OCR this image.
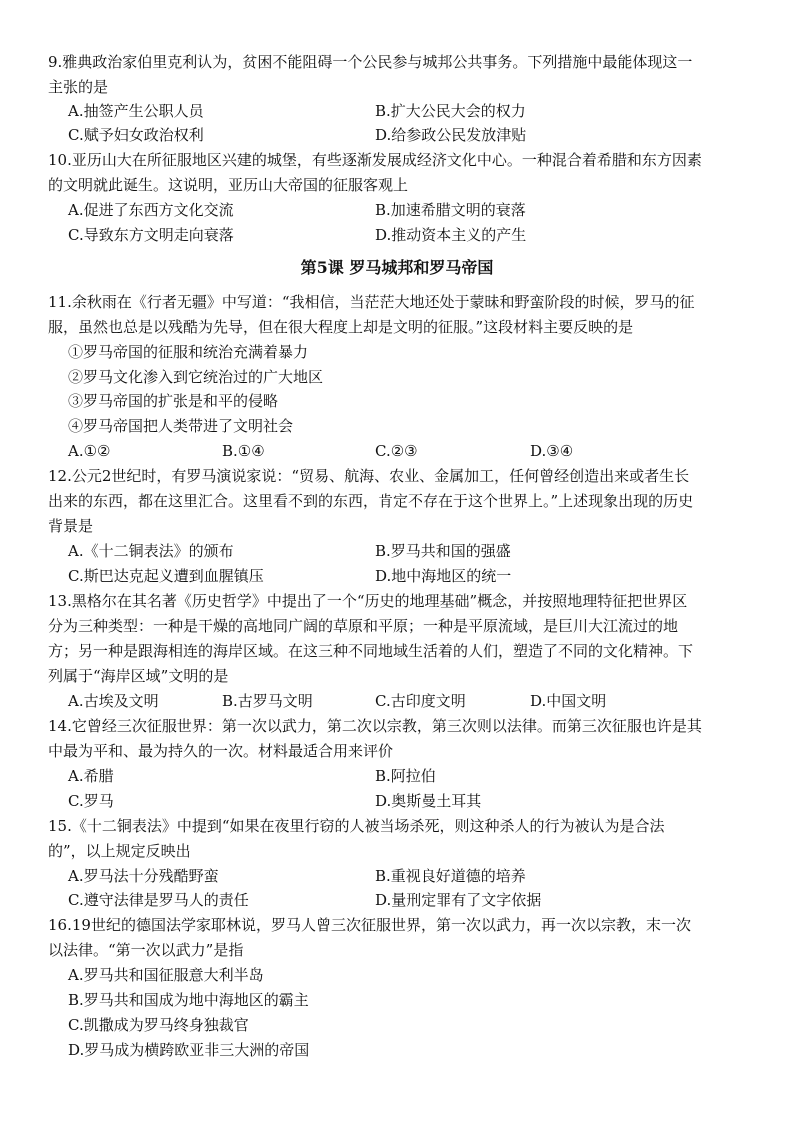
9.雅典政治家伯里克利认为，贫困不能阻碍一个公民参与城邦公共事务。下列措施中最能体现这一
主张的是
A.抽签产生公职人员	B.扩大公民大会的权力
C.赋予妇女政治权利	D.给参政公民发放津贴
10.亚历山大在所征服地区兴建的城堡，有些逐渐发展成经济文化中心。一种混合着希腊和东方因素
的文明就此诞生。这说明，亚历山大帝国的征服客观上
A.促进了东西方文化交流	B.加速希腊文明的衰落
C.导致东方文明走向衰落	D.推动资本主义的产生
第5课 罗马城邦和罗马帝国
11.余秋雨在《行者无疆》中写道：“我相信，当茫茫大地还处于蒙昧和野蛮阶段的时候，罗马的征
服，虽然也总是以残酷为先导，但在很大程度上却是文明的征服。”这段材料主要反映的是
①罗马帝国的征服和统治充满着暴力
②罗马文化渗入到它统治过的广大地区
③罗马帝国的扩张是和平的侵略
④罗马帝国把人类带进了文明社会
A.①②	B.①④	C.②③	D.③④
12.公元2世纪时，有罗马演说家说：“贸易、航海、农业、金属加工，任何曾经创造出来或者生长
出来的东西，都在这里汇合。这里看不到的东西，肯定不存在于这个世界上。”上述现象出现的历史
背景是
A.《十二铜表法》的颁布	B.罗马共和国的强盛
C.斯巴达克起义遭到血腥镇压	D.地中海地区的统一
13.黑格尔在其名著《历史哲学》中提出了一个“历史的地理基础”概念，并按照地理特征把世界区
分为三种类型：一种是干燥的高地同广阔的草原和平原；一种是平原流域，是巨川大江流过的地
方；另一种是跟海相连的海岸区域。在这三种不同地域生活着的人们，塑造了不同的文化精神。下
列属于“海岸区域”文明的是
A.古埃及文明	B.古罗马文明	C.古印度文明	D.中国文明
14.它曾经三次征服世界：第一次以武力，第二次以宗教，第三次则以法律。而第三次征服也许是其
中最为平和、最为持久的一次。材料最适合用来评价
A.希腊	B.阿拉伯
C.罗马	D.奥斯曼土耳其
15.《十二铜表法》中提到“如果在夜里行窃的人被当场杀死，则这种杀人的行为被认为是合法
的”，以上规定反映出
A.罗马法十分残酷野蛮	B.重视良好道德的培养
C.遵守法律是罗马人的责任	D.量刑定罪有了文字依据
16.19世纪的德国法学家耶林说，罗马人曾三次征服世界，第一次以武力，再一次以宗教，末一次
以法律。“第一次以武力”是指
A.罗马共和国征服意大利半岛
B.罗马共和国成为地中海地区的霸主
C.凯撒成为罗马终身独裁官
D.罗马成为横跨欧亚非三大洲的帝国
